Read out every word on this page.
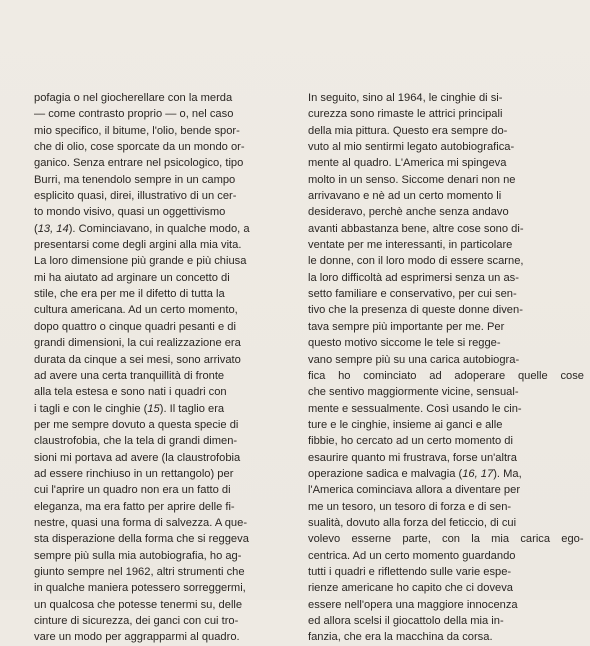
pofagia o nel giocherellare con la merda
— come contrasto proprio — o, nel caso
mio specifico, il bitume, l'olio, bende spor-
che di olio, cose sporcate da un mondo or-
ganico. Senza entrare nel psicologico, tipo
Burri, ma tenendolo sempre in un campo
esplicito quasi, direi, illustrativo di un cer-
to mondo visivo, quasi un oggettivismo
(13, 14). Cominciavano, in qualche modo, a
presentarsi come degli argini alla mia vita.
La loro dimensione più grande e più chiusa
mi ha aiutato ad arginare un concetto di
stile, che era per me il difetto di tutta la
cultura americana. Ad un certo momento,
dopo quattro o cinque quadri pesanti e di
grandi dimensioni, la cui realizzazione era
durata da cinque a sei mesi, sono arrivato
ad avere una certa tranquillità di fronte
alla tela estesa e sono nati i quadri con
i tagli e con le cinghie (15). Il taglio era
per me sempre dovuto a questa specie di
claustrofobia, che la tela di grandi dimen-
sioni mi portava ad avere (la claustrofobia
ad essere rinchiuso in un rettangolo) per
cui l'aprire un quadro non era un fatto di
eleganza, ma era fatto per aprire delle fi-
nestre, quasi una forma di salvezza. A que-
sta disperazione della forma che si reggeva
sempre più sulla mia autobiografia, ho ag-
giunto sempre nel 1962, altri strumenti che
in qualche maniera potessero sorreggermi,
un qualcosa che potesse tenermi su, delle
cinture di sicurezza, dei ganci con cui tro-
vare un modo per aggrapparmi al quadro.
In seguito, sino al 1964, le cinghie di si-
curezza sono rimaste le attrici principali
della mia pittura. Questo era sempre do-
vuto al mio sentirmi legato autobiografica-
mente al quadro. L'America mi spingeva
molto in un senso. Siccome denari non ne
arrivavano e nè ad un certo momento li
desideravo, perchè anche senza andavo
avanti abbastanza bene, altre cose sono di-
ventate per me interessanti, in particolare
le donne, con il loro modo di essere scarne,
la loro difficoltà ad esprimersi senza un as-
setto familiare e conservativo, per cui sen-
tivo che la presenza di queste donne diven-
tava sempre più importante per me. Per
questo motivo siccome le tele si regge-
vano sempre più su una carica autobiogra-
fica ho cominciato ad adoperare quelle cose
che sentivo maggiormente vicine, sensual-
mente e sessualmente. Così usando le cin-
ture e le cinghie, insieme ai ganci e alle
fibbie, ho cercato ad un certo momento di
esaurire quanto mi frustrava, forse un'altra
operazione sadica e malvagia (16, 17). Ma,
l'America cominciava allora a diventare per
me un tesoro, un tesoro di forza e di sen-
sualità, dovuto alla forza del feticcio, di cui
volevo esserne parte, con la mia carica ego-
centrica. Ad un certo momento guardando
tutti i quadri e riflettendo sulle varie espe-
rienze americane ho capito che ci doveva
essere nell'opera una maggiore innocenza
ed allora scelsi il giocattolo della mia in-
fanzia, che era la macchina da corsa.
